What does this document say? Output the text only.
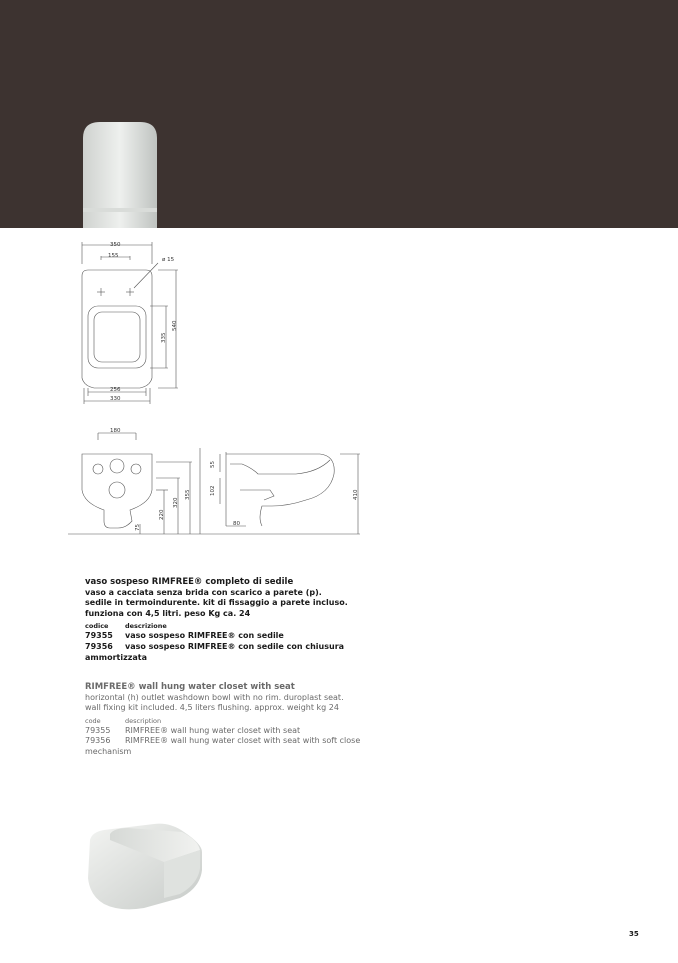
350
155
ø 15
335
540
256
330
180
220
320
355
75
55
102	410
80
vaso sospeso RIMFREE® completo di sedile
vaso a cacciata senza brida con scarico a parete (p).
sedile in termoindurente. kit di fissaggio a parete incluso.
funziona con 4,5 litri. peso Kg ca. 24
codice	descrizione
79355	vaso sospeso RIMFREE® con sedile
79356 vaso sospeso RIMFREE® con sedile con chiusura ammortizzata
RIMFREE® wall hung water closet with seat
horizontal (h) outlet washdown bowl with no rim. duroplast seat.
wall fixing kit included. 4,5 liters flushing. approx. weight kg 24
code	description
79355	RIMFREE® wall hung water closet with seat
79356 RIMFREE® wall hung water closet with seat with soft close mechanism
35
